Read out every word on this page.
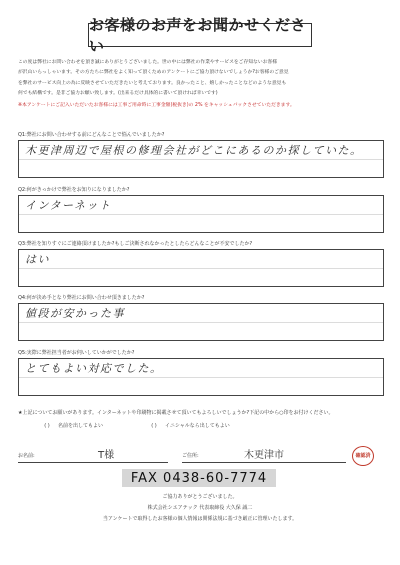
お客様のお声をお聞かせください

この度は弊社にお問い合わせを頂き誠にありがとうございました。世の中には弊社の作業やサービスをご存知ないお客様

が沢山いらっしゃいます。その方たちに弊社をよく知って頂くためのアンケートにご協力頂けないでしょうか?お客様のご意見

を弊社のサービス向上の為に反映させていただきたいと考えております。良かったこと、嬉しかったことなどのような意見も

何でも結構です。是非ご協力お願い致します。(出来るだけ具体的に書いて頂ければ幸いです)

※本アンケートにご記入いただいたお客様には工事ご用命時に工事金額(税抜き)の 2% をキャッシュバックさせていただきます。

Q1:弊社にお問い合わせする前にどんなことで悩んでいましたか?
木更津周辺で屋根の修理会社がどこにあるのか探していた。
Q2:何がきっかけで弊社をお知りになりましたか?
インターネット
Q3:弊社を知りすぐにご連絡頂けましたか?もしご決断されなかったとしたらどんなことが不安でしたか?
はい
Q4:何が決め手となり弊社にお問い合わせ頂きましたか?
値段が安かった事
Q5:実際に弊社担当者がお伺いしていかがでしたか?
とてもよい対応でした。
★上記についてお願いがあります。インターネットや印刷物に掲載させて頂いてもよろしいでしょうか?下記の中から○印をお付けください。
( )	名前を出してもよい	( )	イニシャルなら出してもよい
お名前:	T様	ご住所:	木更津市	確認済
FAX 0438-60-7774
ご協力ありがとうございました。
株式会社シエアテック 代表取締役 大久保 誠二
当アンケートで取得したお客様の個人情報は関係法規に基づき厳正に管理いたします。
